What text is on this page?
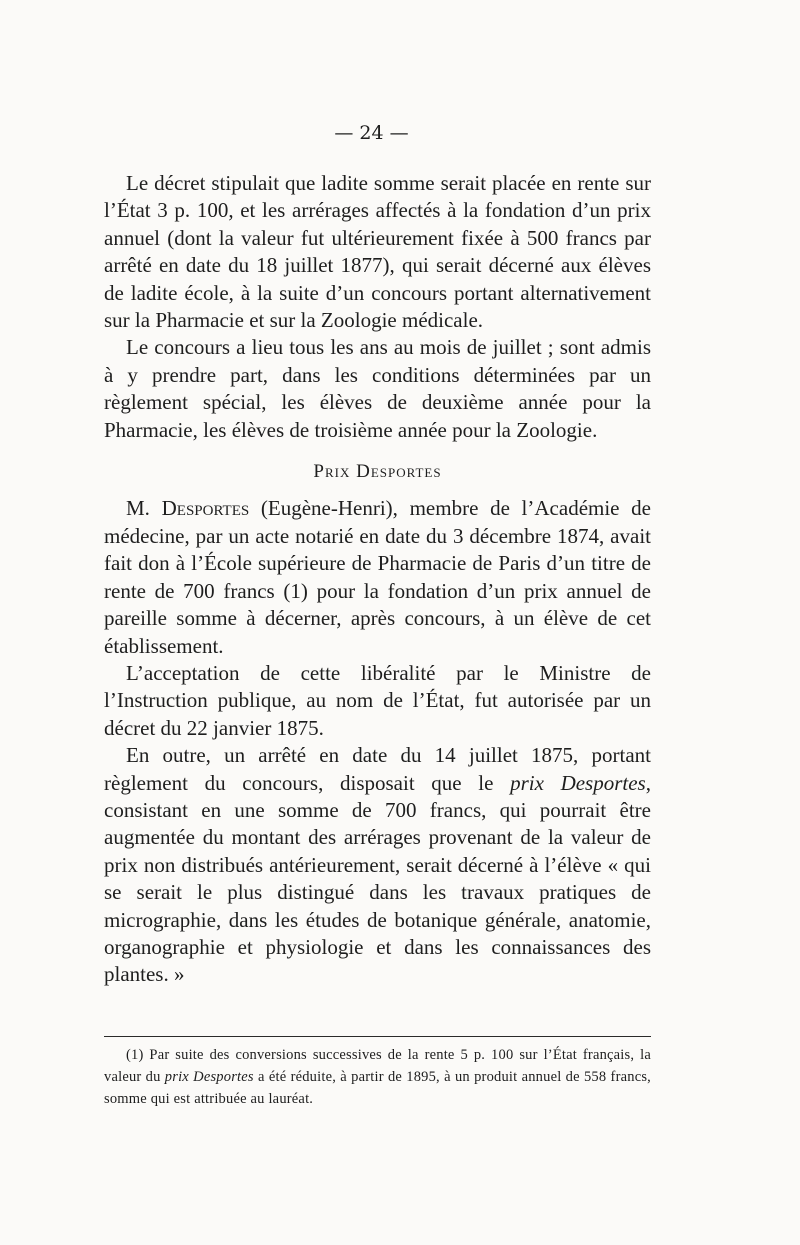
— 24 —

Le décret stipulait que ladite somme serait placée en rente sur l’État 3 p. 100, et les arrérages affectés à la fondation d’un prix annuel (dont la valeur fut ultérieurement fixée à 500 francs par arrêté en date du 18 juillet 1877), qui serait décerné aux élèves de ladite école, à la suite d’un concours portant alternativement sur la Pharmacie et sur la Zoologie médicale.

Le concours a lieu tous les ans au mois de juillet ; sont admis à y prendre part, dans les conditions déterminées par un règlement spécial, les élèves de deuxième année pour la Pharmacie, les élèves de troisième année pour la Zoologie.

Prix Desportes

M. Desportes (Eugène-Henri), membre de l’Académie de médecine, par un acte notarié en date du 3 décembre 1874, avait fait don à l’École supérieure de Pharmacie de Paris d’un titre de rente de 700 francs (1) pour la fondation d’un prix annuel de pareille somme à décerner, après concours, à un élève de cet établissement.

L’acceptation de cette libéralité par le Ministre de l’Instruction publique, au nom de l’État, fut autorisée par un décret du 22 janvier 1875.

En outre, un arrêté en date du 14 juillet 1875, portant règlement du concours, disposait que le prix Desportes, consistant en une somme de 700 francs, qui pourrait être augmentée du montant des arrérages provenant de la valeur de prix non distribués antérieurement, serait décerné à l’élève « qui se serait le plus distingué dans les travaux pratiques de micrographie, dans les études de botanique générale, anatomie, organographie et physiologie et dans les connaissances des plantes. »

(1) Par suite des conversions successives de la rente 5 p. 100 sur l’État français, la valeur du prix Desportes a été réduite, à partir de 1895, à un produit annuel de 558 francs, somme qui est attribuée au lauréat.
